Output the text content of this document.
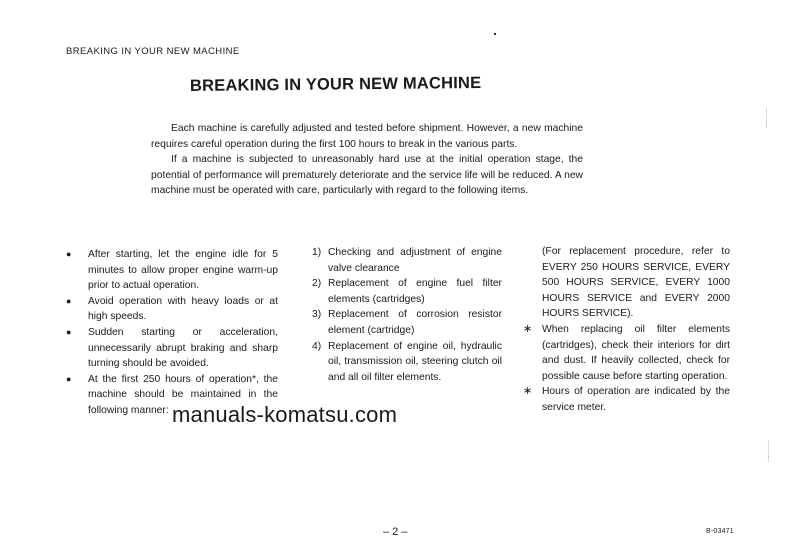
BREAKING IN YOUR NEW MACHINE
BREAKING IN YOUR NEW MACHINE

Each machine is carefully adjusted and tested before shipment. However, a new machine requires careful operation during the first 100 hours to break in the various parts.

If a machine is subjected to unreasonably hard use at the initial operation stage, the potential of performance will prematurely deteriorate and the service life will be reduced. A new machine must be operated with care, particularly with regard to the following items.

●	After starting, let the engine idle for 5 minutes to allow proper engine warm-up prior to actual operation.
●	Avoid operation with heavy loads or at high speeds.
●	Sudden starting or acceleration, unnecessarily abrupt braking and sharp turning should be avoided.
●	At the first 250 hours of operation*, the machine should be maintained in the following manner:
1) Checking and adjustment of engine valve clearance
2) Replacement of engine fuel filter elements (cartridges)
3) Replacement of corrosion resistor element (cartridge)
4) Replacement of engine oil, hydraulic oil, transmission oil, steering clutch oil and all oil filter elements.

(For replacement procedure, refer to EVERY 250 HOURS SERVICE, EVERY 500 HOURS SERVICE, EVERY 1000 HOURS SERVICE and EVERY 2000 HOURS SERVICE).

∗ When replacing oil filter elements (cartridges), check their interiors for dirt and dust. If heavily collected, check for possible cause before starting operation.
∗ Hours of operation are indicated by the service meter.
manuals-komatsu.com
·········
··········
– 2 –	B-03471
